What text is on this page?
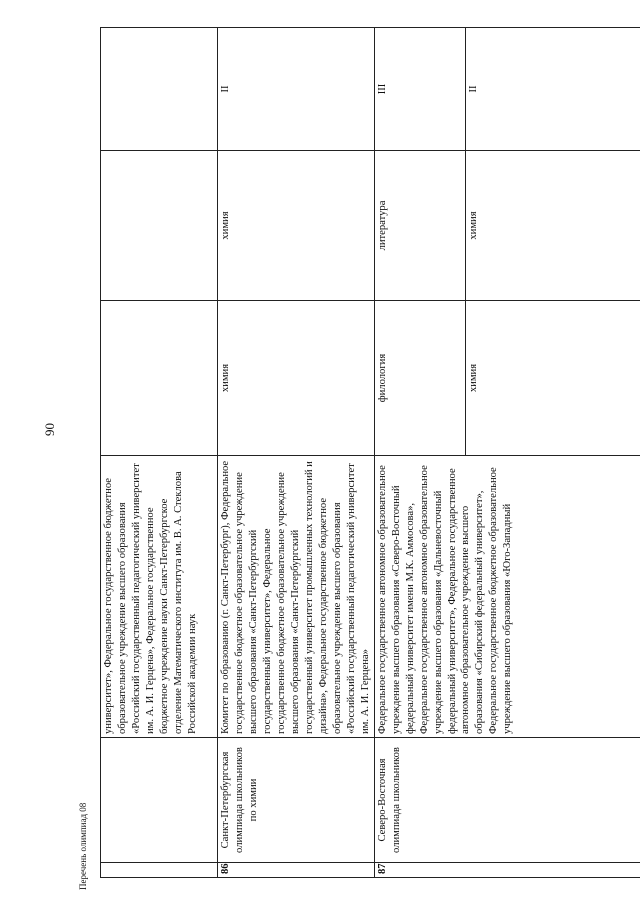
90
Перечень олимпиад 08
		университет», Федеральное государственное бюджетное образовательное учреждение высшего образования «Российский государственный педагогический университет им. А. И. Герцена», Федеральное государственное бюджетное учреждение науки Санкт-Петербургское отделение Математического института им. В. А. Стеклова Российской академии наук			
86	Санкт-Петербургская олимпиада школьников по химии	Комитет по образованию (г. Санкт-Петербург), Федеральное государственное бюджетное образовательное учреждение высшего образования «Санкт-Петербургский государственный университет», Федеральное государственное бюджетное образовательное учреждение высшего образования «Санкт-Петербургский государственный университет промышленных технологий и дизайна», Федеральное государственное бюджетное образовательное учреждение высшего образования «Российский государственный педагогический университет им. А. И. Герцена»	химия	химия	II
87	Северо-Восточная олимпиада школьников	Федеральное государственное автономное образовательное учреждение высшего образования «Северо-Восточный федеральный университет имени М.К. Аммосова», Федеральное государственное автономное образовательное учреждение высшего образования «Дальневосточный федеральный университет», Федеральное государственное автономное образовательное учреждение высшего образования «Сибирский федеральный университет», Федеральное государственное бюджетное образовательное учреждение высшего образования «Юго-Западный	филология	литература	III
			химия	химия	II
